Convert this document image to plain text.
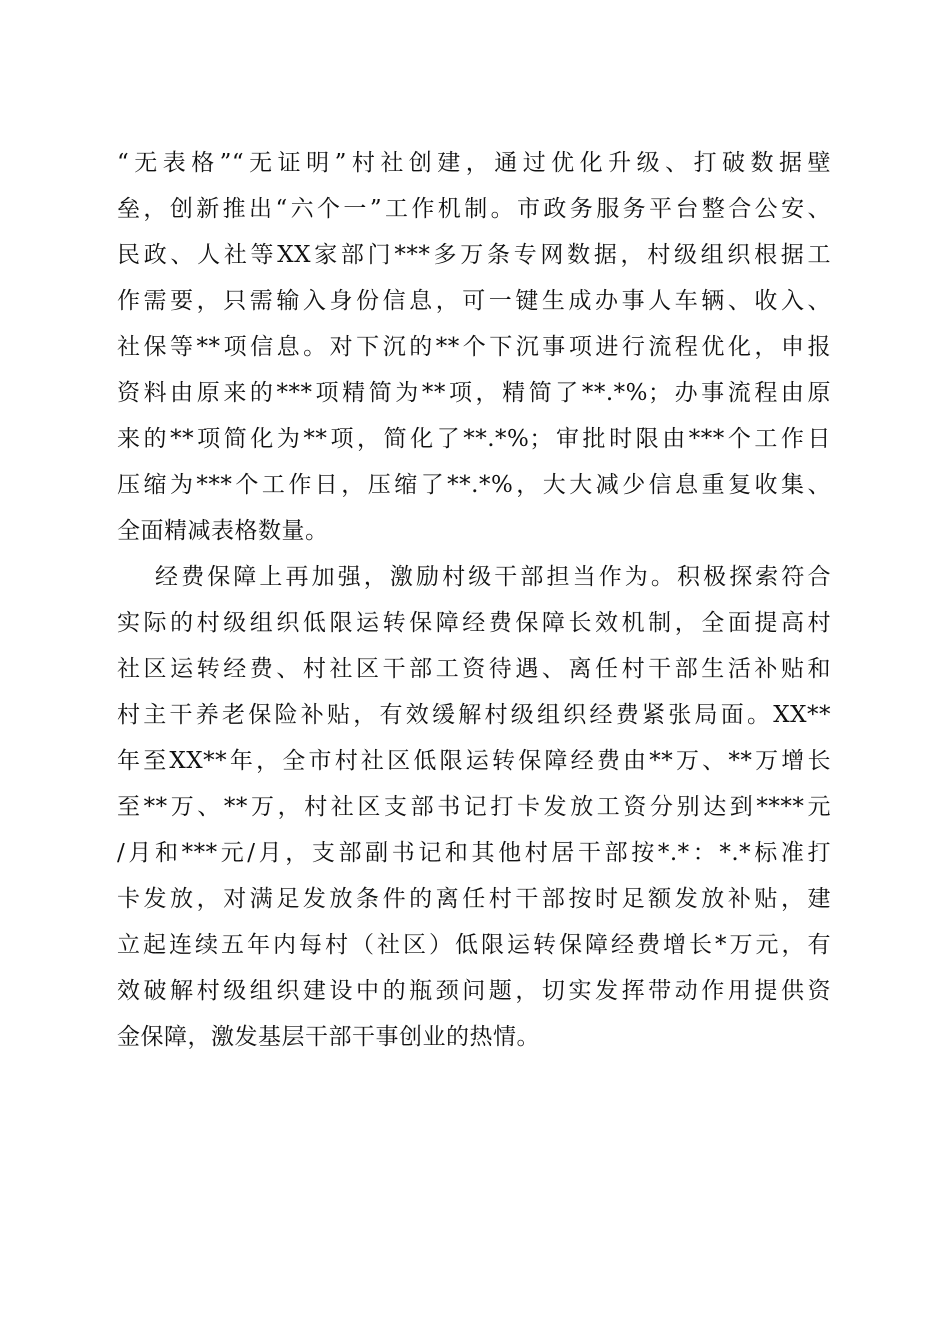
“无表格”“无证明”村社创建，通过优化升级、打破数据壁
垒，创新推出“六个一”工作机制。市政务服务平台整合公安、
民政、人社等XX家部门***多万条专网数据，村级组织根据工
作需要，只需输入身份信息，可一键生成办事人车辆、收入、
社保等**项信息。对下沉的**个下沉事项进行流程优化，申报
资料由原来的***项精简为**项，精简了**.*%；办事流程由原
来的**项简化为**项，简化了**.*%；审批时限由***个工作日
压缩为***个工作日，压缩了**.*%，大大减少信息重复收集、
全面精减表格数量。
经费保障上再加强，激励村级干部担当作为。积极探索符合
实际的村级组织低限运转保障经费保障长效机制，全面提高村
社区运转经费、村社区干部工资待遇、离任村干部生活补贴和
村主干养老保险补贴，有效缓解村级组织经费紧张局面。XX**
年至XX**年，全市村社区低限运转保障经费由**万、**万增长
至**万、**万，村社区支部书记打卡发放工资分别达到****元
/月和***元/月，支部副书记和其他村居干部按*.*：*.*标准打
卡发放，对满足发放条件的离任村干部按时足额发放补贴，建
立起连续五年内每村（社区）低限运转保障经费增长*万元，有
效破解村级组织建设中的瓶颈问题，切实发挥带动作用提供资
金保障，激发基层干部干事创业的热情。
